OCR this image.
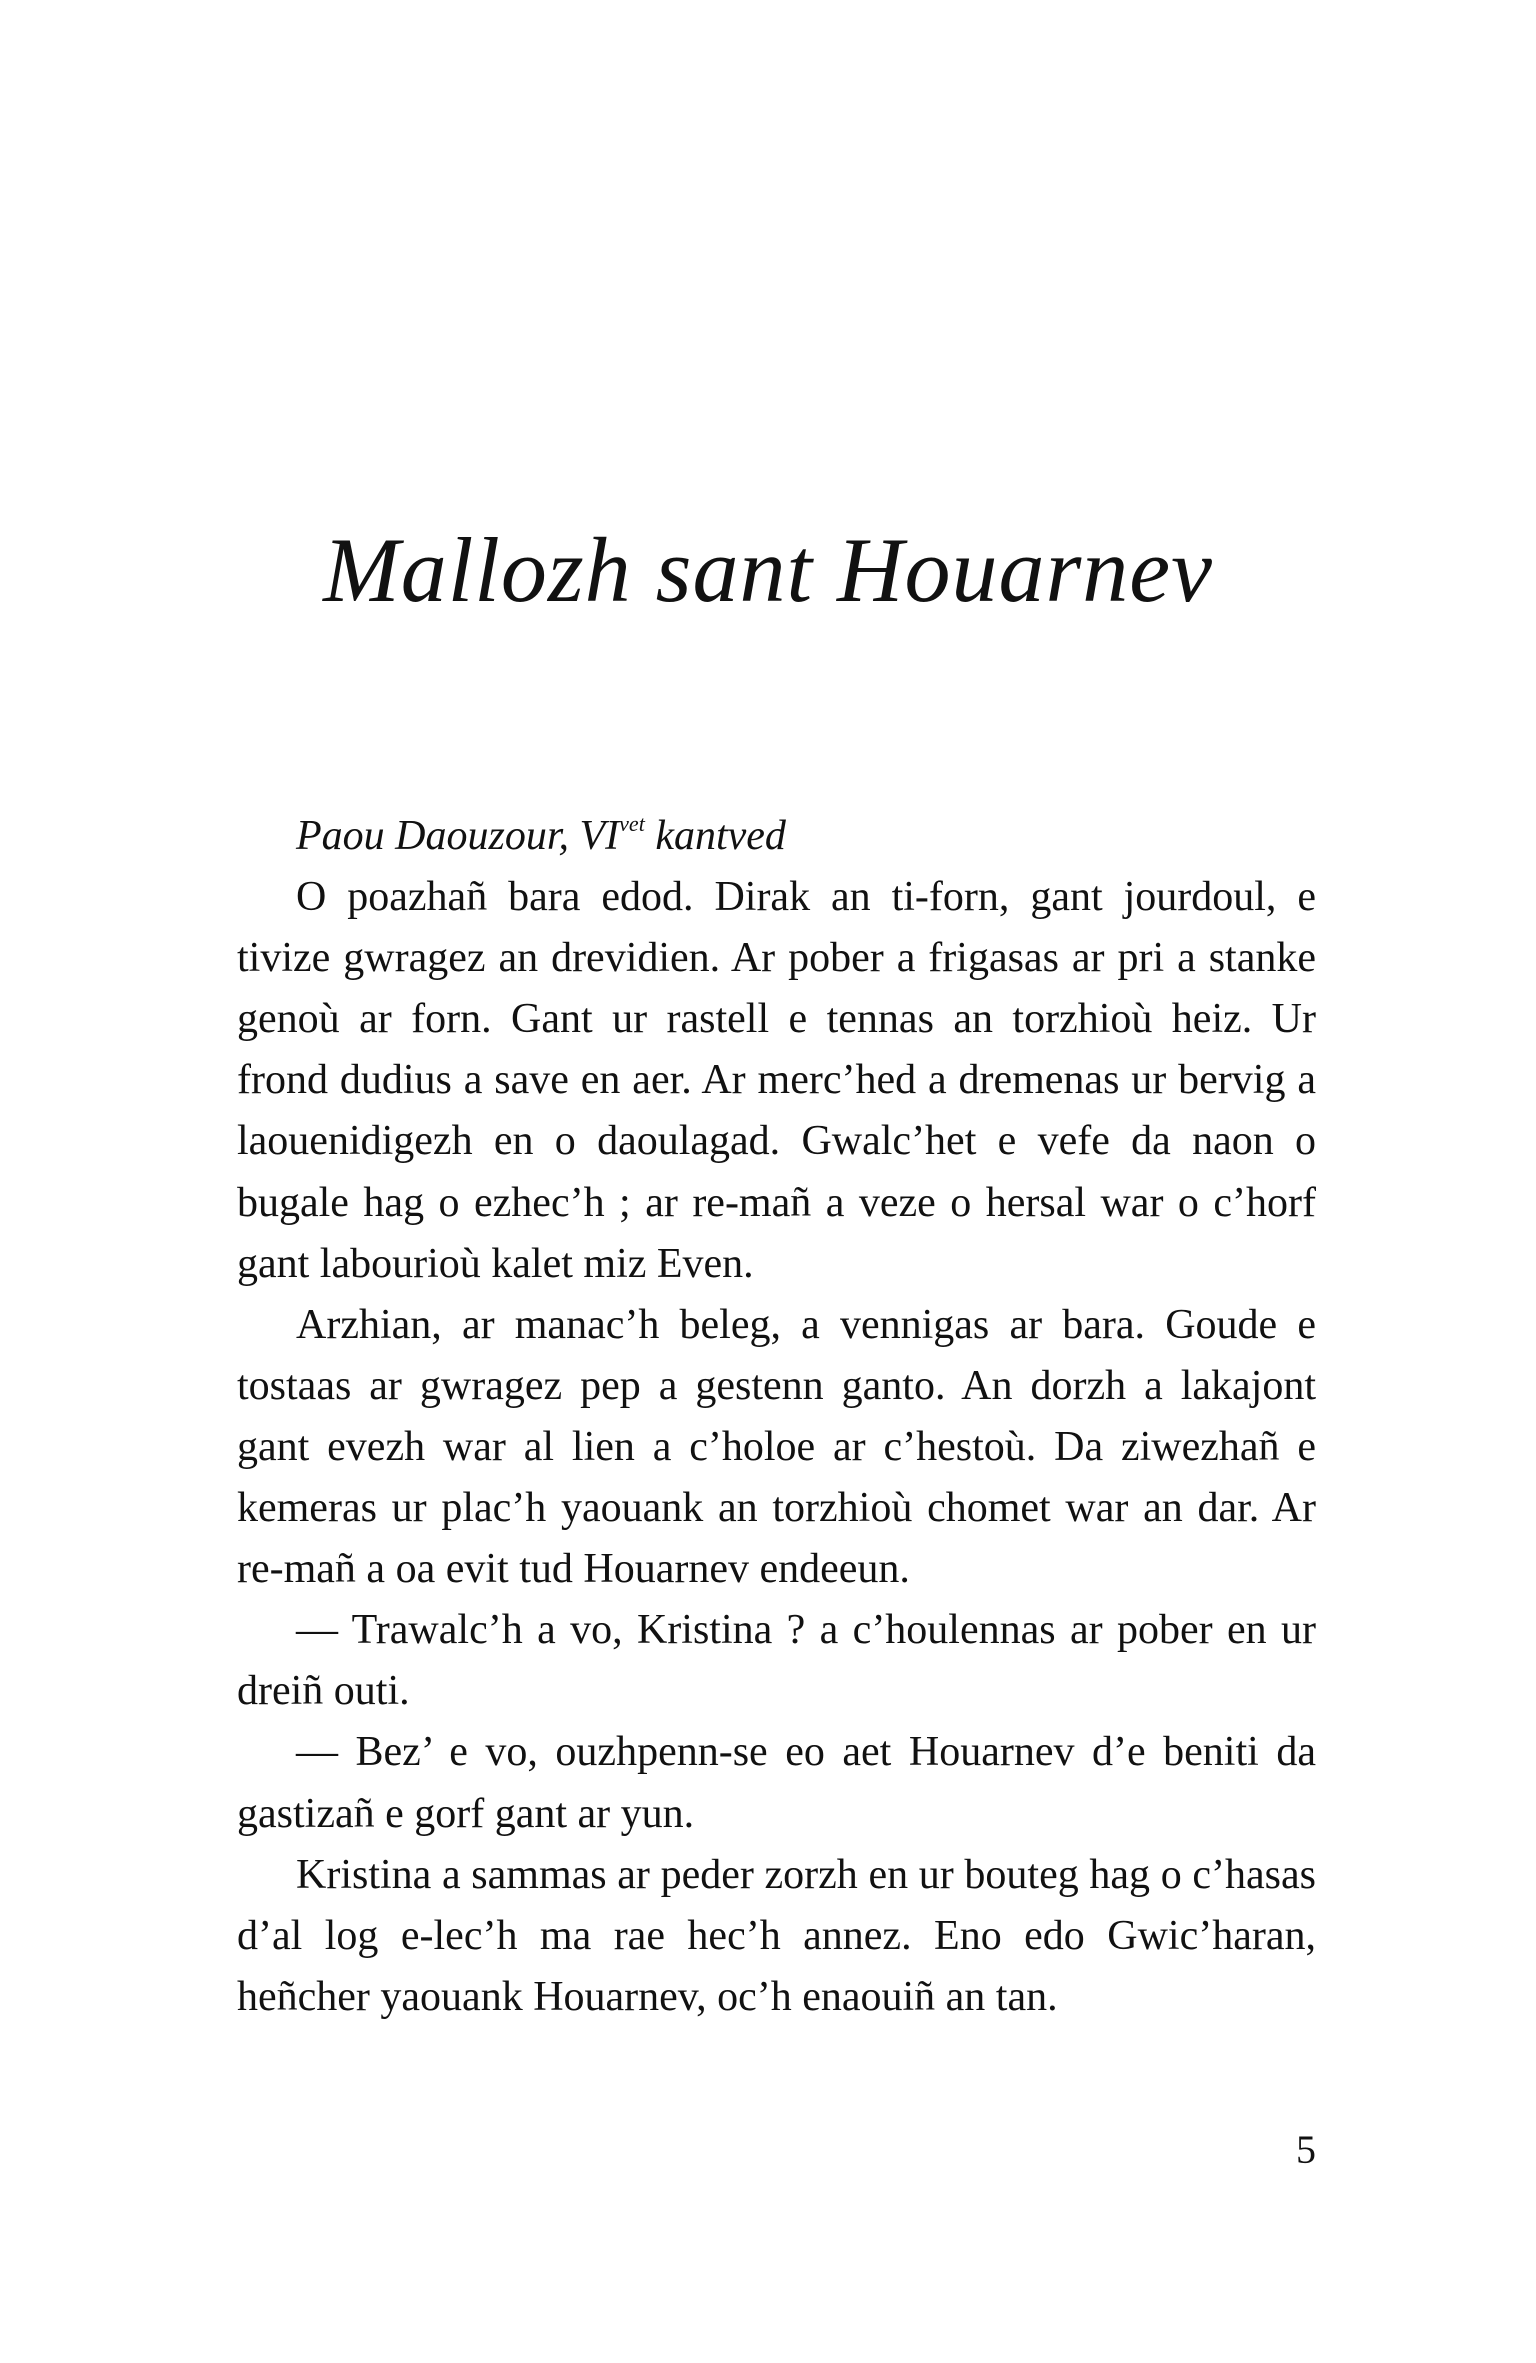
Mallozh sant Houarnev

Paou Daouzour, $VI^{vet}$ kantved

O poazhañ bara edod. Dirak an ti-forn, gant jourdoul, e tivize gwragez an drevidien. Ar pober a frigasas ar pri a stanke genoù ar forn. Gant ur rastell e tennas an torzhioù heiz. Ur frond dudius a save en aer. Ar merc’hed a dremenas ur bervig a laouenidigezh en o daoulagad. Gwalc’het e vefe da naon o bugale hag o ezhec’h ; ar re-mañ a veze o hersal war o c’horf gant labourioù kalet miz Even.

Arzhian, ar manac’h beleg, a vennigas ar bara. Goude e tostaas ar gwragez pep a gestenn ganto. An dorzh a lakajont gant evezh war al lien a c’holoe ar c’hestoù. Da ziwezhañ e kemeras ur plac’h yaouank an torzhioù chomet war an dar. Ar re-mañ a oa evit tud Houarnev endeeun.

— Trawalc’h a vo, Kristina ? a c’houlennas ar pober en ur dreiñ outi.

— Bez’ e vo, ouzhpenn-se eo aet Houarnev d’e beniti da gastizañ e gorf gant ar yun.

Kristina a sammas ar peder zorzh en ur bouteg hag o c’hasas d’al log e-lec’h ma rae hec’h annez. Eno edo Gwic’haran, heñcher yaouank Houarnev, oc’h enaouiñ an tan.

5
